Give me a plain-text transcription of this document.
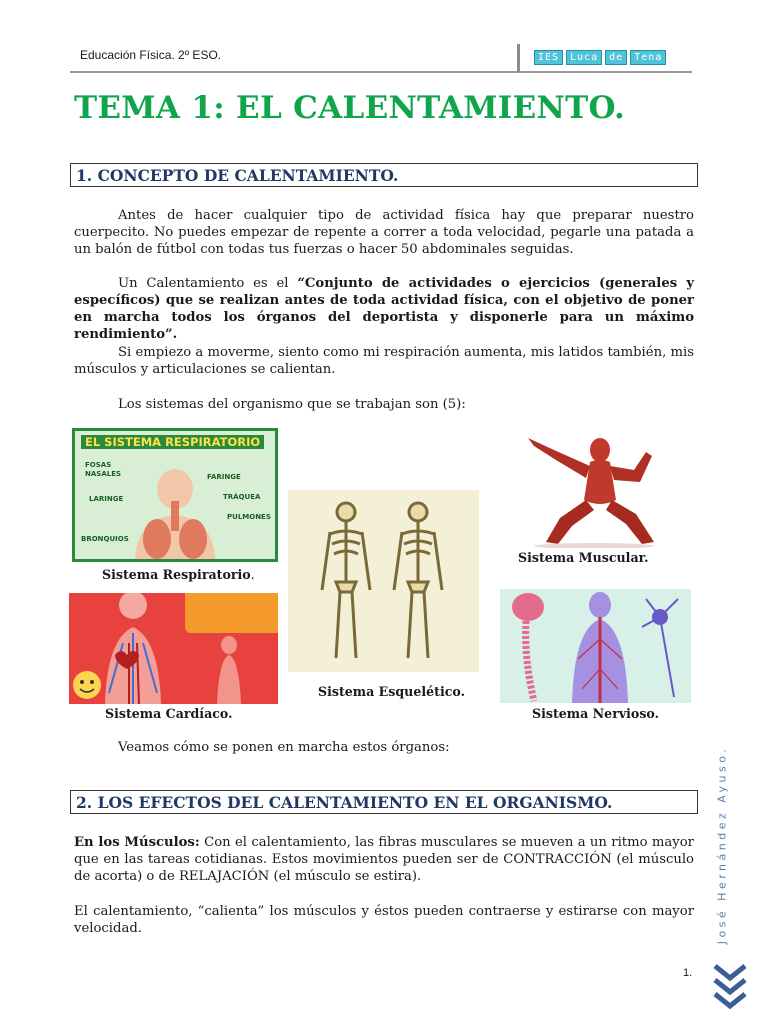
Educación Física. 2º ESO.	IES	Luca	de	Tena
TEMA 1: EL CALENTAMIENTO.
1. CONCEPTO DE CALENTAMIENTO.
Antes de hacer cualquier tipo de actividad física hay que preparar nuestro cuerpecito. No puedes empezar de repente a correr a toda velocidad, pegarle una patada a un balón de fútbol con todas tus fuerzas o hacer 50 abdominales seguidas.
Un Calentamiento es el “Conjunto de actividades o ejercicios (generales y específicos) que se realizan antes de toda actividad física, con el objetivo de poner en marcha todos los órganos del deportista y disponerle para un máximo rendimiento”.
Si empiezo a moverme, siento como mi respiración aumenta, mis latidos también, mis músculos y articulaciones se calientan.
Los sistemas del organismo que se trabajan son (5):
EL SISTEMA RESPIRATORIO
FOSAS NASALES
LARINGE
BRONQUIOS
FARINGE
TRÁQUEA
PULMONES
Sistema Respiratorio.
Sistema Muscular.
Sistema Esquelético.
Sistema Cardíaco.	Sistema Nervioso.
Veamos cómo se ponen en marcha estos órganos:
2. LOS EFECTOS DEL CALENTAMIENTO EN EL ORGANISMO.
En los Músculos: Con el calentamiento, las fibras musculares se mueven a un ritmo mayor que en las tareas cotidianas. Estos movimientos pueden ser de CONTRACCIÓN (el músculo de acorta) o de RELAJACIÓN (el músculo se estira).
El calentamiento, “calienta” los músculos y éstos pueden contraerse y estirarse con mayor velocidad.	José Hernández Ayuso.
1.
